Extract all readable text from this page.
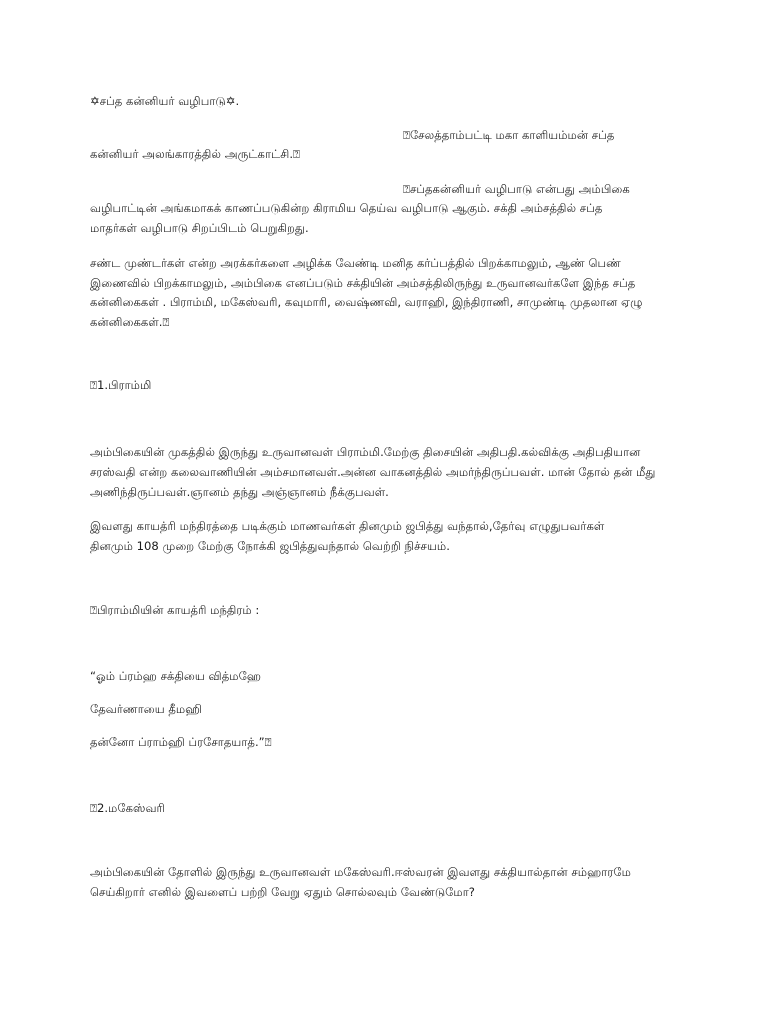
✡சப்த கன்னியர் வழிபாடு✡.
⍰சேலத்தாம்பட்டி மகா காளியம்மன் சப்த
கன்னியர் அலங்காரத்தில் அருட்காட்சி.⍰
⍰சப்தகன்னியர் வழிபாடு என்பது அம்பிகை
வழிபாட்டின் அங்கமாகக் காணப்படுகின்ற கிராமிய தெய்வ வழிபாடு ஆகும். சக்தி அம்சத்தில் சப்த
மாதர்கள் வழிபாடு சிறப்பிடம் பெறுகிறது.
சண்ட முண்டர்கள் என்ற அரக்கர்களை அழிக்க வேண்டி மனித கர்ப்பத்தில் பிறக்காமலும், ஆண் பெண்
இணைவில் பிறக்காமலும், அம்பிகை எனப்படும் சக்தியின் அம்சத்திலிருந்து உருவானவர்களே இந்த சப்த
கன்னிகைகள் . பிராம்மி, மகேஸ்வரி, கவுமாரி, வைஷ்ணவி, வராஹி, இந்திராணி, சாமுண்டி முதலான ஏழு
கன்னிகைகள்.⍰
⍰1.பிராம்மி
அம்பிகையின் முகத்தில் இருந்து உருவானவள் பிராம்மி.மேற்கு திசையின் அதிபதி.கல்விக்கு அதிபதியான
சரஸ்வதி என்ற கலைவாணியின் அம்சமானவள்.அன்ன வாகனத்தில் அமர்ந்திருப்பவள். மான் தோல் தன் மீது
அணிந்திருப்பவள்.ஞானம் தந்து அஞ்ஞானம் நீக்குபவள்.
இவளது காயத்ரி மந்திரத்தை படிக்கும் மாணவர்கள் தினமும் ஜபித்து வந்தால்,தேர்வு எழுதுபவர்கள்
தினமும் 108 முறை மேற்கு நோக்கி ஜபித்துவந்தால் வெற்றி நிச்சயம்.
⍰பிராம்மியின் காயத்ரி மந்திரம் :
“ஓம் ப்ரம்ஹ சக்தியை வித்மஹே
தேவர்ணாயை தீமஹி
தன்னோ ப்ராம்ஹி ப்ரசோதயாத்.”⍰
⍰2.மகேஸ்வரி
அம்பிகையின் தோளில் இருந்து உருவானவள் மகேஸ்வரி.ஈஸ்வரன் இவளது சக்தியால்தான் சம்ஹாரமே
செய்கிறார் எனில் இவளைப் பற்றி வேறு ஏதும் சொல்லவும் வேண்டுமோ?
